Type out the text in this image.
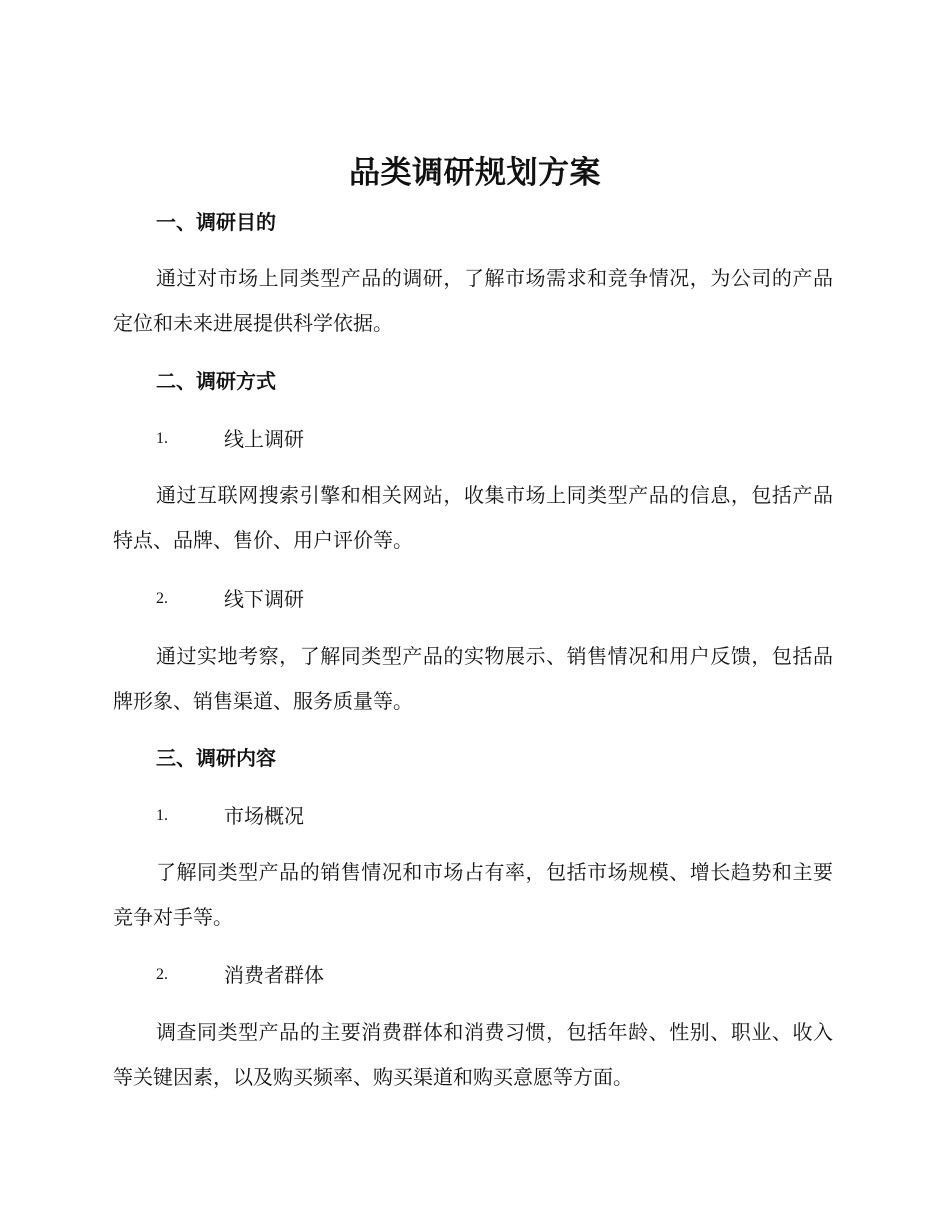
品类调研规划方案
一、调研目的

通过对市场上同类型产品的调研，了解市场需求和竞争情况，为公司的产品定位和未来进展提供科学依据。

二、调研方式
1.	线上调研

通过互联网搜索引擎和相关网站，收集市场上同类型产品的信息，包括产品特点、品牌、售价、用户评价等。

2.	线下调研

通过实地考察，了解同类型产品的实物展示、销售情况和用户反馈，包括品牌形象、销售渠道、服务质量等。

三、调研内容
1.	市场概况

了解同类型产品的销售情况和市场占有率，包括市场规模、增长趋势和主要竞争对手等。

2.	消费者群体

调查同类型产品的主要消费群体和消费习惯，包括年龄、性别、职业、收入等关键因素，以及购买频率、购买渠道和购买意愿等方面。
